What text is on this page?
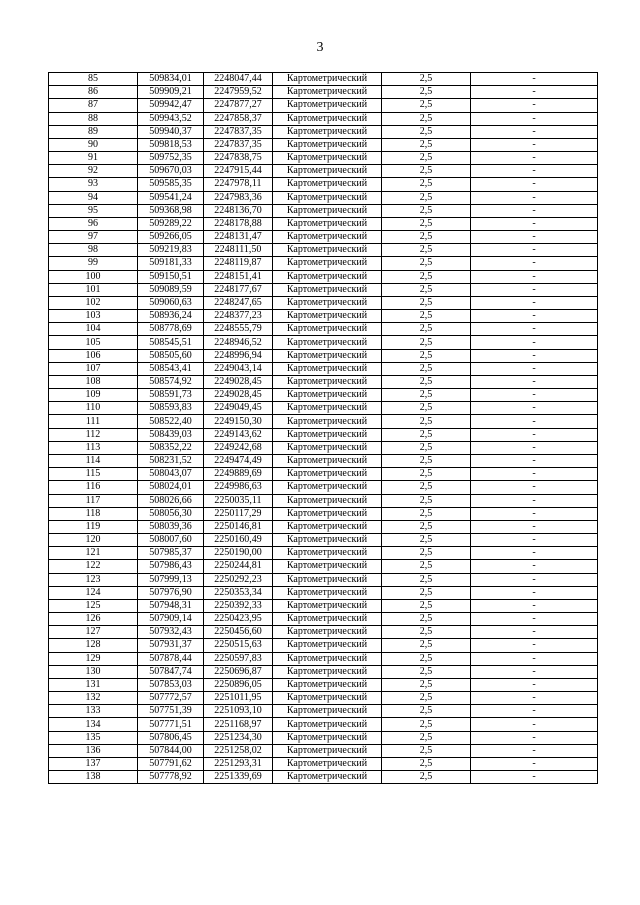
3
85	509834,01	2248047,44	Картометрический	2,5	-
86	509909,21	2247959,52	Картометрический	2,5	-
87	509942,47	2247877,27	Картометрический	2,5	-
88	509943,52	2247858,37	Картометрический	2,5	-
89	509940,37	2247837,35	Картометрический	2,5	-
90	509818,53	2247837,35	Картометрический	2,5	-
91	509752,35	2247838,75	Картометрический	2,5	-
92	509670,03	2247915,44	Картометрический	2,5	-
93	509585,35	2247978,11	Картометрический	2,5	-
94	509541,24	2247983,36	Картометрический	2,5	-
95	509368,98	2248136,70	Картометрический	2,5	-
96	509289,22	2248178,88	Картометрический	2,5	-
97	509266,05	2248131,47	Картометрический	2,5	-
98	509219,83	2248111,50	Картометрический	2,5	-
99	509181,33	2248119,87	Картометрический	2,5	-
100	509150,51	2248151,41	Картометрический	2,5	-
101	509089,59	2248177,67	Картометрический	2,5	-
102	509060,63	2248247,65	Картометрический	2,5	-
103	508936,24	2248377,23	Картометрический	2,5	-
104	508778,69	2248555,79	Картометрический	2,5	-
105	508545,51	2248946,52	Картометрический	2,5	-
106	508505,60	2248996,94	Картометрический	2,5	-
107	508543,41	2249043,14	Картометрический	2,5	-
108	508574,92	2249028,45	Картометрический	2,5	-
109	508591,73	2249028,45	Картометрический	2,5	-
110	508593,83	2249049,45	Картометрический	2,5	-
111	508522,40	2249150,30	Картометрический	2,5	-
112	508439,03	2249143,62	Картометрический	2,5	-
113	508352,22	2249242,68	Картометрический	2,5	-
114	508231,52	2249474,49	Картометрический	2,5	-
115	508043,07	2249889,69	Картометрический	2,5	-
116	508024,01	2249986,63	Картометрический	2,5	-
117	508026,66	2250035,11	Картометрический	2,5	-
118	508056,30	2250117,29	Картометрический	2,5	-
119	508039,36	2250146,81	Картометрический	2,5	-
120	508007,60	2250160,49	Картометрический	2,5	-
121	507985,37	2250190,00	Картометрический	2,5	-
122	507986,43	2250244,81	Картометрический	2,5	-
123	507999,13	2250292,23	Картометрический	2,5	-
124	507976,90	2250353,34	Картометрический	2,5	-
125	507948,31	2250392,33	Картометрический	2,5	-
126	507909,14	2250423,95	Картометрический	2,5	-
127	507932,43	2250456,60	Картометрический	2,5	-
128	507931,37	2250515,63	Картометрический	2,5	-
129	507878,44	2250597,83	Картометрический	2,5	-
130	507847,74	2250696,87	Картометрический	2,5	-
131	507853,03	2250896,05	Картометрический	2,5	-
132	507772,57	2251011,95	Картометрический	2,5	-
133	507751,39	2251093,10	Картометрический	2,5	-
134	507771,51	2251168,97	Картометрический	2,5	-
135	507806,45	2251234,30	Картометрический	2,5	-
136	507844,00	2251258,02	Картометрический	2,5	-
137	507791,62	2251293,31	Картометрический	2,5	-
138	507778,92	2251339,69	Картометрический	2,5	-
